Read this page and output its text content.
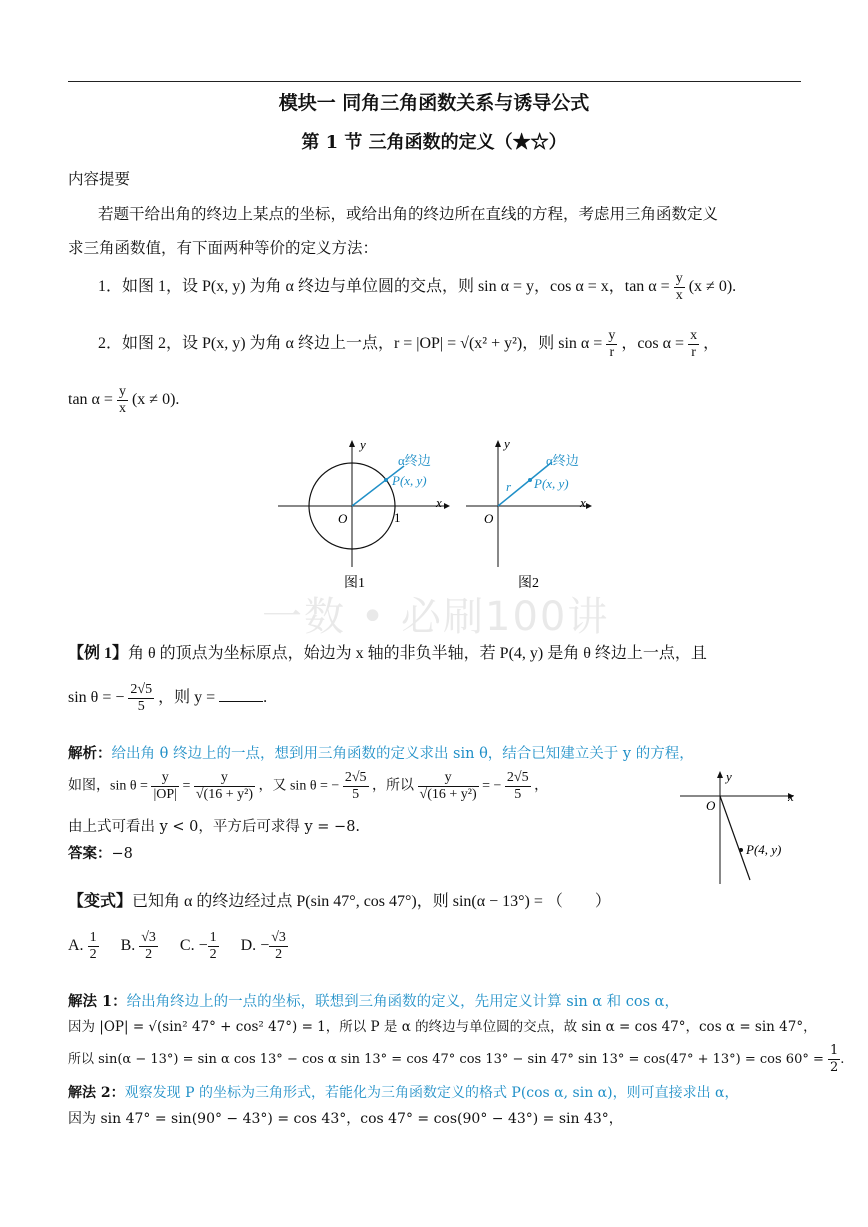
模块一 同角三角函数关系与诱导公式
第 1 节 三角函数的定义（★☆）
内容提要
若题干给出角的终边上某点的坐标，或给出角的终边所在直线的方程，考虑用三角函数定义
求三角函数值，有下面两种等价的定义方法：
1．如图 1，设 P(x, y) 为角 α 终边与单位圆的交点，则 sin α = y，cos α = x，$\tan \alpha = \frac{y}{x} (x \ne 0)$.
2．如图 2，设 P(x, y) 为角 α 终边上一点，r = |OP| = √(x² + y²)，则 $\sin \alpha = \frac{y}{r}$ ，$\cos \alpha = \frac{x}{r}$ ，
$\tan \alpha = \frac{y}{x} (x \ne 0)$.
y
x
O	1
α终边
P(x, y)
图1
y
x
O
r
α终边
P(x, y)
图2
一数 • 必刷100讲
【例 1】角 θ 的顶点为坐标原点，始边为 x 轴的非负半轴，若 P(4, y) 是角 θ 终边上一点，且
sin θ = − $\frac{2√5}{5}$ ，则 y =	.
解析：给出角 θ 终边上的一点，想到用三角函数的定义求出 sin θ，结合已知建立关于 y 的方程，
如图，$\sin \theta = \frac{y}{|OP|} = \frac{y}{\text{√(16 + y²)}}$ ，又 sin θ = − $\frac{2√5}{5}$ ，所以 $\frac{y}{\text{√(16 + y²)}}$ = − $\frac{2√5}{5}$ ，
由上式可看出 y < 0，平方后可求得 y = −8.
答案：−8
y
x
O
P(4, y)
【变式】已知角 α 的终边经过点 P(sin 47°, cos 47°)，则 sin(α − 13°) = （　　）
A. $\frac{1}{2} B$. $\frac{√3}{2} C$. − $\frac{1}{2} D$. − $\frac{√3}{2}$
解法 1：给出角终边上的一点的坐标，联想到三角函数的定义，先用定义计算 sin α 和 cos α，
因为 |OP| = √(sin² 47° + cos² 47°) = 1，所以 P 是 α 的终边与单位圆的交点，故 sin α = cos 47°，cos α = sin 47°，
所以 sin(α − 13°) = sin α cos 13° − cos α sin 13° = cos 47° cos 13° − sin 47° $\sin 13^\circ = \cos(47^\circ + 13^\circ) = \cos 60^\circ = \frac{1}{2}$ .
解法 2：观察发现 P 的坐标为三角形式，若能化为三角函数定义的格式 P(cos α, sin α)，则可直接求出 α，
因为 sin 47° = sin(90° − 43°) = cos 43°，cos 47° = cos(90° − 43°) = sin 43°，
